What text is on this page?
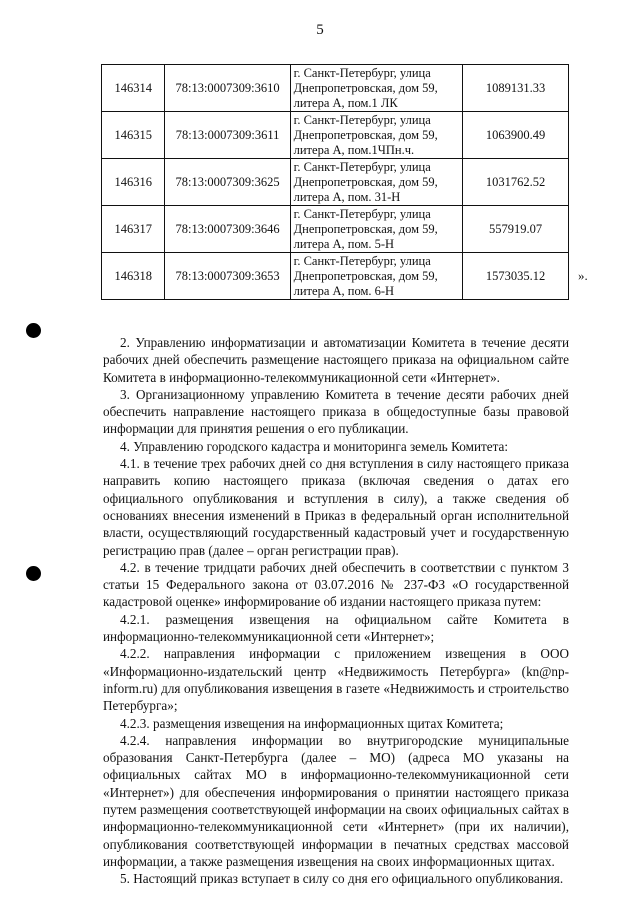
5
146314	78:13:0007309:3610	г. Санкт-Петербург, улица
Днепропетровская, дом 59,
литера А, пом.1 ЛК	1089131.33
146315	78:13:0007309:3611	г. Санкт-Петербург, улица
Днепропетровская, дом 59,
литера А, пом.1ЧПн.ч.	1063900.49
146316	78:13:0007309:3625	г. Санкт-Петербург, улица
Днепропетровская, дом 59,
литера А, пом. 31-Н	1031762.52
146317	78:13:0007309:3646	г. Санкт-Петербург, улица
Днепропетровская, дом 59,
литера А, пом. 5-Н	557919.07
146318	78:13:0007309:3653	г. Санкт-Петербург, улица
Днепропетровская, дом 59,
литера А, пом. 6-Н	1573035.12	».

2. Управлению информатизации и автоматизации Комитета в течение десяти рабочих дней обеспечить размещение настоящего приказа на официальном сайте Комитета в информационно-телекоммуникационной сети «Интернет».

3. Организационному управлению Комитета в течение десяти рабочих дней обеспечить направление настоящего приказа в общедоступные базы правовой информации для принятия решения о его публикации.

4. Управлению городского кадастра и мониторинга земель Комитета:

4.1. в течение трех рабочих дней со дня вступления в силу настоящего приказа направить копию настоящего приказа (включая сведения о датах его официального опубликования и вступления в силу), а также сведения об основаниях внесения изменений в Приказ в федеральный орган исполнительной власти, осуществляющий государственный кадастровый учет и государственную регистрацию прав (далее – орган регистрации прав).

4.2. в течение тридцати рабочих дней обеспечить в соответствии с пунктом 3 статьи 15 Федерального закона от 03.07.2016 № 237-ФЗ «О государственной кадастровой оценке» информирование об издании настоящего приказа путем:

4.2.1. размещения извещения на официальном сайте Комитета в информационно-телекоммуникационной сети «Интернет»;

4.2.2. направления информации с приложением извещения в ООО «Информационно-издательский центр «Недвижимость Петербурга» (kn@np-inform.ru) для опубликования извещения в газете «Недвижимость и строительство Петербурга»;

4.2.3. размещения извещения на информационных щитах Комитета;

4.2.4. направления информации во внутригородские муниципальные образования Санкт-Петербурга (далее – МО) (адреса МО указаны на официальных сайтах МО в информационно-телекоммуникационной сети «Интернет») для обеспечения информирования о принятии настоящего приказа путем размещения соответствующей информации на своих официальных сайтах в информационно-телекоммуникационной сети «Интернет» (при их наличии), опубликования соответствующей информации в печатных средствах массовой информации, а также размещения извещения на своих информационных щитах.

5. Настоящий приказ вступает в силу со дня его официального опубликования.
